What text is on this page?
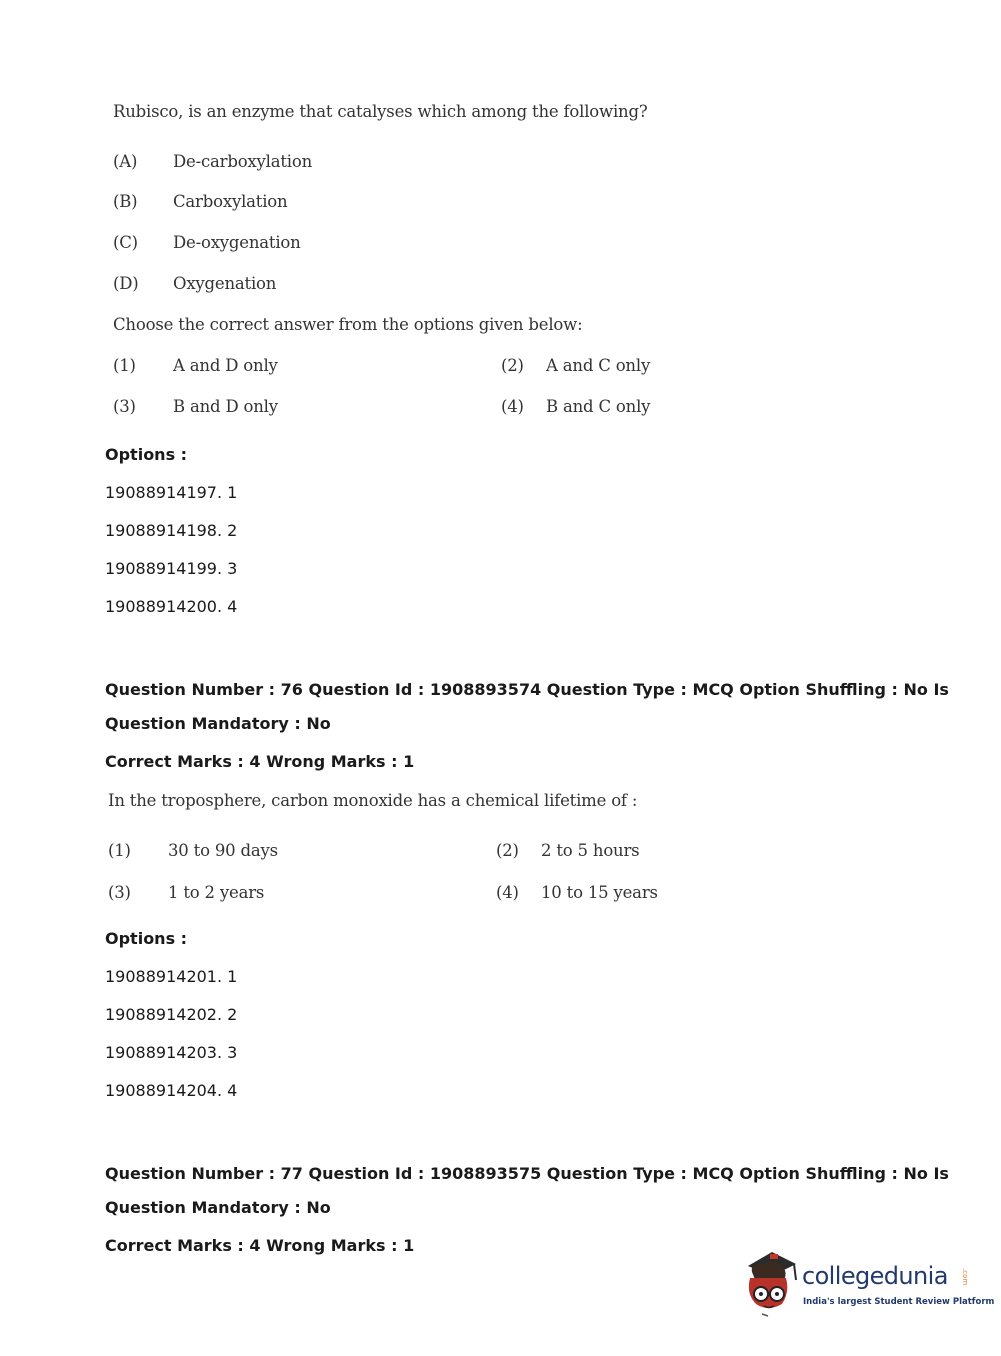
Rubisco, is an enzyme that catalyses which among the following?
(A) De-carboxylation
(B) Carboxylation
(C) De-oxygenation
(D) Oxygenation
Choose the correct answer from the options given below:
(1) A and D only	(2) A and C only
(3) B and D only	(4) B and C only
Options :
19088914197. 1
19088914198. 2
19088914199. 3
19088914200. 4
Question Number : 76 Question Id : 1908893574 Question Type : MCQ Option Shuffling : No Is
Question Mandatory : No
Correct Marks : 4 Wrong Marks : 1
In the troposphere, carbon monoxide has a chemical lifetime of :
(1) 30 to 90 days	(2) 2 to 5 hours
(3) 1 to 2 years	(4) 10 to 15 years
Options :
19088914201. 1
19088914202. 2
19088914203. 3
19088914204. 4
Question Number : 77 Question Id : 1908893575 Question Type : MCQ Option Shuffling : No Is
Question Mandatory : No
Correct Marks : 4 Wrong Marks : 1
collegedunia .com
India's largest Student Review Platform
